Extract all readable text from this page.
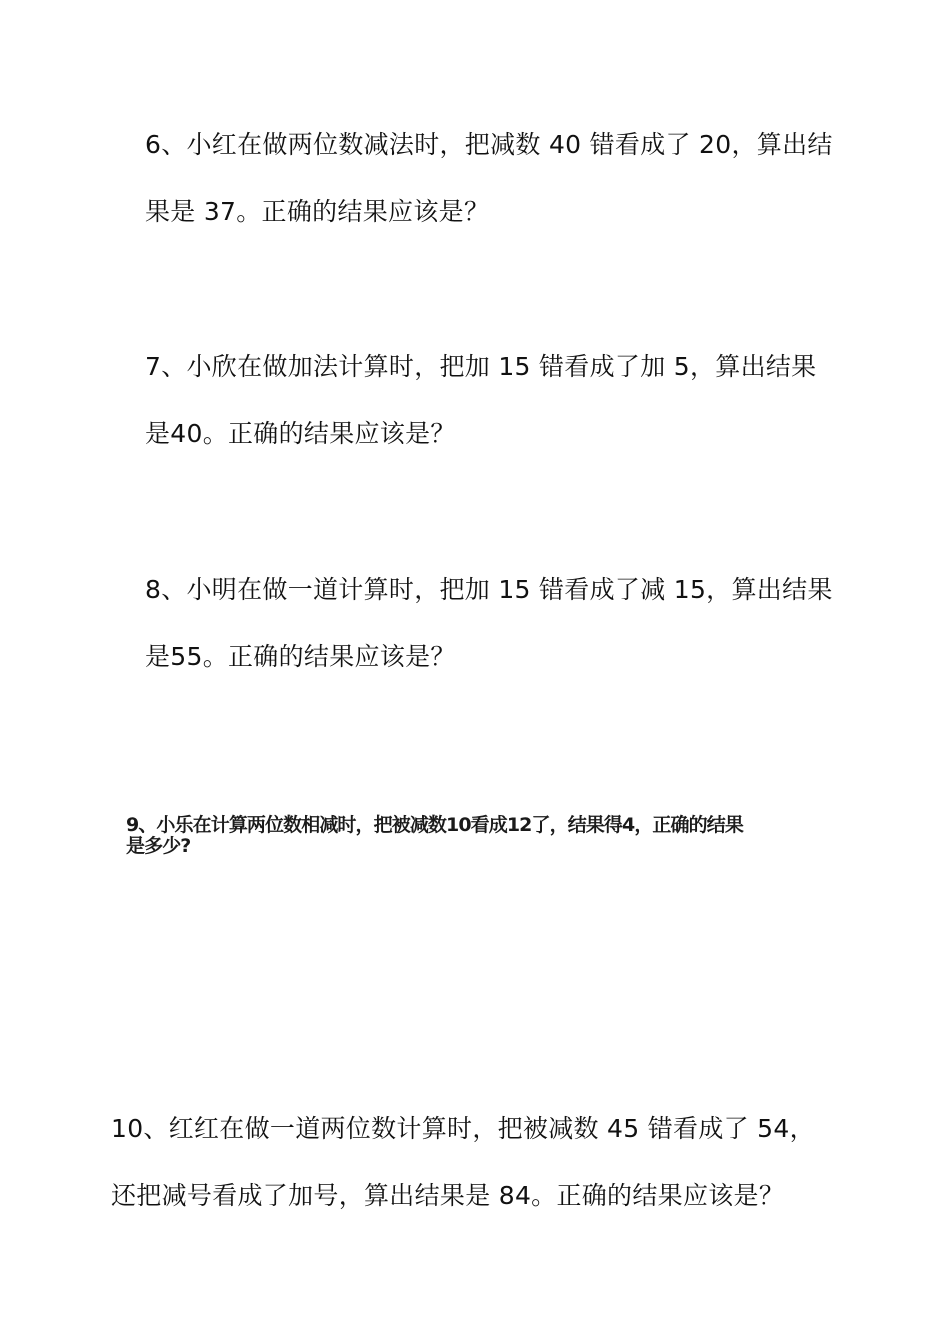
6、小红在做两位数减法时，把减数 40 错看成了 20，算出结
果是 37。正确的结果应该是？
7、小欣在做加法计算时，把加 15 错看成了加 5，算出结果
是40。正确的结果应该是？
8、小明在做一道计算时，把加 15 错看成了减 15，算出结果
是55。正确的结果应该是？
9、小乐在计算两位数相减时，把被减数10看成12了，结果得4，正确的结果
是多少?
10、红红在做一道两位数计算时，把被减数 45 错看成了 54，
还把减号看成了加号，算出结果是 84。正确的结果应该是？
